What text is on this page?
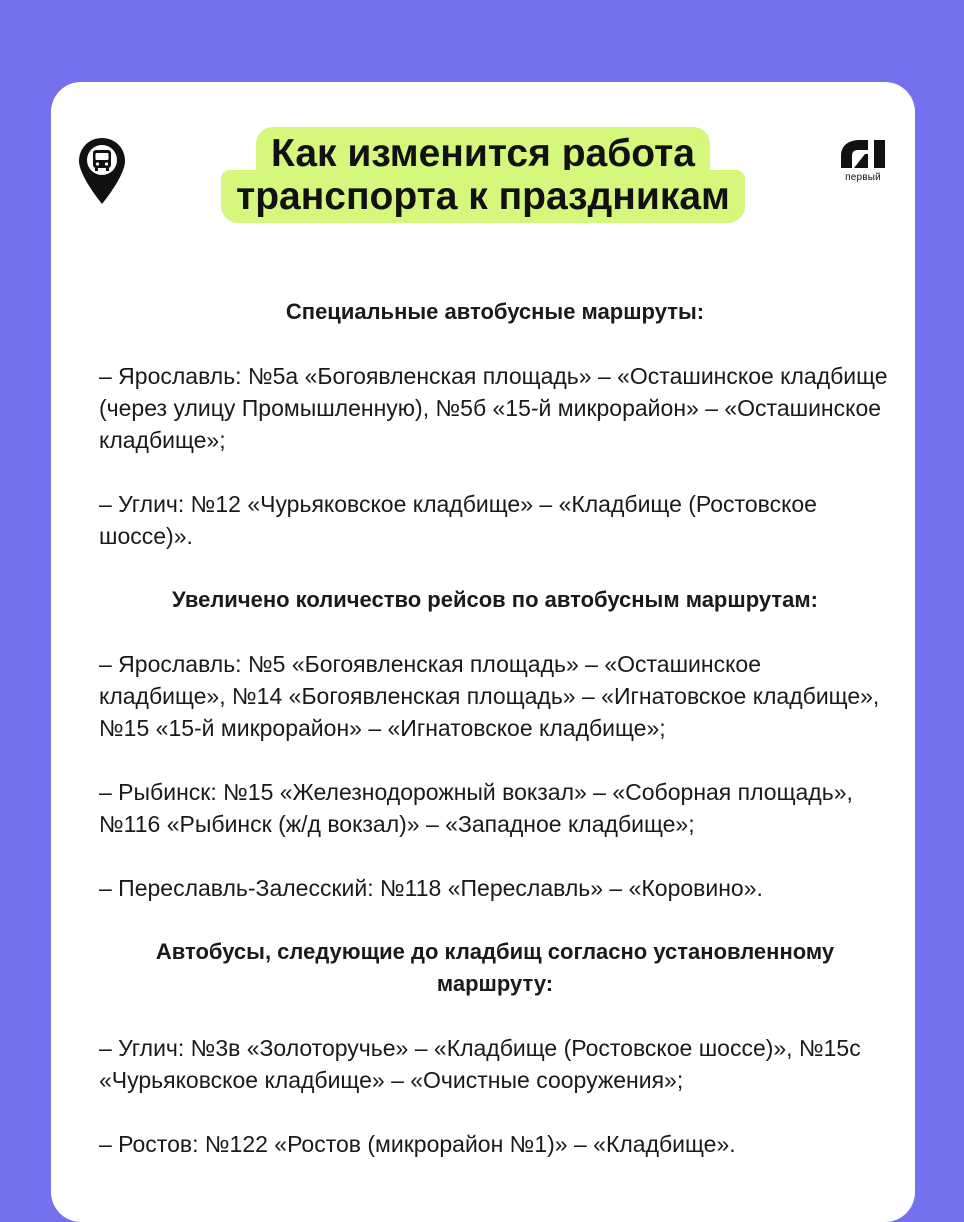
Как изменится работа
транспорта к праздникам	первый

Специальные автобусные маршруты:

– Ярославль: №5а «Богоявленская площадь» – «Осташинское кладбище (через улицу Промышленную), №5б «15-й микрорайон» – «Осташинское кладбище»;

– Углич: №12 «Чурьяковское кладбище» – «Кладбище (Ростовское шоссе)».

Увеличено количество рейсов по автобусным маршрутам:

– Ярославль: №5 «Богоявленская площадь» – «Осташинское кладбище», №14 «Богоявленская площадь» – «Игнатовское кладбище», №15 «15-й микрорайон» – «Игнатовское кладбище»;

– Рыбинск: №15 «Железнодорожный вокзал» – «Соборная площадь», №116 «Рыбинск (ж/д вокзал)» – «Западное кладбище»;

– Переславль-Залесский: №118 «Переславль» – «Коровино».

Автобусы, следующие до кладбищ согласно установленному маршруту:

– Углич: №3в «Золоторучье» – «Кладбище (Ростовское шоссе)», №15с «Чурьяковское кладбище» – «Очистные сооружения»;

– Ростов: №122 «Ростов (микрорайон №1)» – «Кладбище».
